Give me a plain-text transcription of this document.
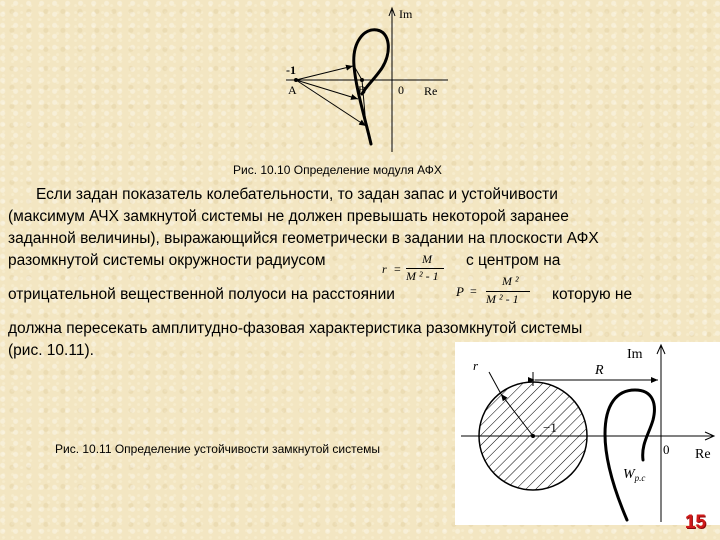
Im
Re
-1
A	B	0
Рис. 10.10 Определение модуля АФХ
Если задан показатель колебательности, то задан запас и устойчивости
(максимум АЧХ замкнутой системы не должен превышать некоторой заранее
заданной величины), выражающийся геометрически в задании на плоскости АФХ
разомкнутой системы окружности радиусом	с центром на
r =
M
M ² - 1
отрицательной вещественной полуоси на расстоянии	которую не
P =
M ²
M ² - 1
должна пересекать амплитудно-фазовая характеристика разомкнутой системы
(рис. 10.11).	Im
Re
r	R
−1
0
$W_{р.с}$
Рис. 10.11 Определение устойчивости замкнутой системы
15
